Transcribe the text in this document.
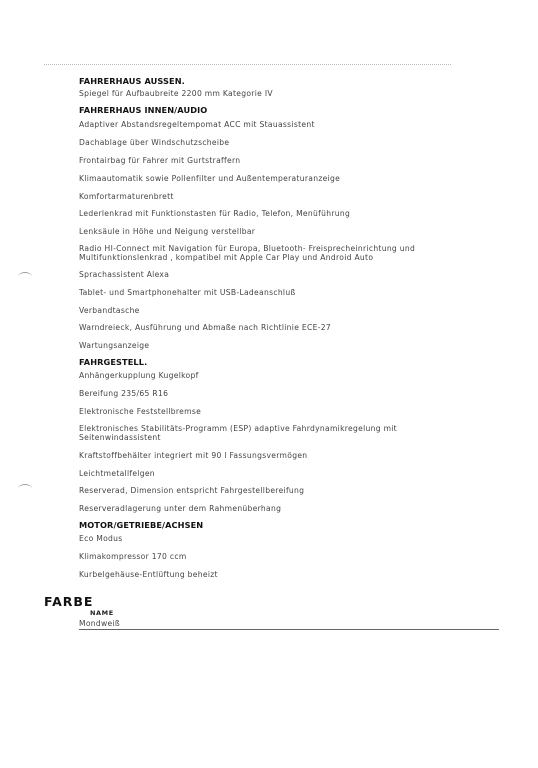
FAHRERHAUS AUSSEN.
Spiegel für Aufbaubreite 2200 mm Kategorie IV
FAHRERHAUS INNEN/AUDIO
Adaptiver Abstandsregeltempomat ACC mit Stauassistent
Dachablage über Windschutzscheibe
Frontairbag für Fahrer mit Gurtstraffern
Klimaautomatik sowie Pollenfilter und Außentemperaturanzeige
Komfortarmaturenbrett
Lederlenkrad mit Funktionstasten für Radio, Telefon, Menüführung
Lenksäule in Höhe und Neigung verstellbar
Radio HI-Connect mit Navigation für Europa, Bluetooth- Freisprecheinrichtung und Multifunktionslenkrad , kompatibel mit Apple Car Play und Android Auto
Sprachassistent Alexa
Tablet- und Smartphonehalter mit USB-Ladeanschluß
Verbandtasche
Warndreieck, Ausführung und Abmaße nach Richtlinie ECE-27
Wartungsanzeige
FAHRGESTELL.
Anhängerkupplung Kugelkopf
Bereifung 235/65 R16
Elektronische Feststellbremse
Elektronisches Stabilitäts-Programm (ESP) adaptive Fahrdynamikregelung mit Seitenwindassistent
Kraftstoffbehälter integriert mit 90 l Fassungsvermögen
Leichtmetallfelgen
Reserverad, Dimension entspricht Fahrgestellbereifung
Reserveradlagerung unter dem Rahmenüberhang
MOTOR/GETRIEBE/ACHSEN
Eco Modus
Klimakompressor 170 ccm
Kurbelgehäuse-Entlüftung beheizt
FARBE
NAME
Mondweiß
